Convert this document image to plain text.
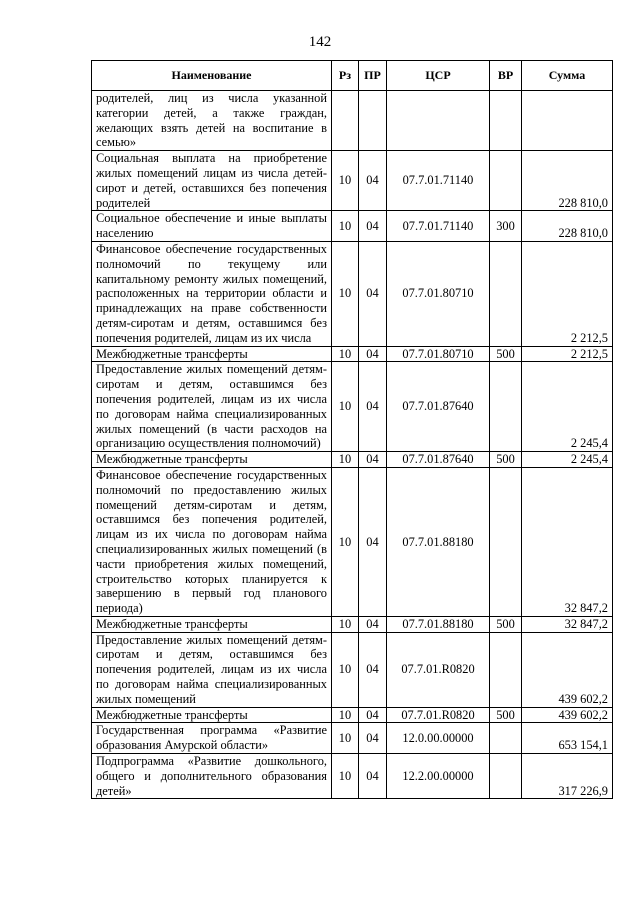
142
Наименование	Рз	ПР	ЦСР	ВР	Сумма
родителей, лиц из числа указанной категории детей, а также граждан, желающих взять детей на воспитание в семью»					
Социальная выплата на приобретение жилых помещений лицам из числа детей-сирот и детей, оставшихся без попечения родителей	10	04	07.7.01.71140		228 810,0
Социальное обеспечение и иные выплаты населению	10	04	07.7.01.71140	300	228 810,0
Финансовое обеспечение государственных полномочий по текущему или капитальному ремонту жилых помещений, расположенных на территории области и принадлежащих на праве собственности детям-сиротам и детям, оставшимся без попечения родителей, лицам из их числа	10	04	07.7.01.80710		2 212,5
Межбюджетные трансферты	10	04	07.7.01.80710	500	2 212,5
Предоставление жилых помещений детям-сиротам и детям, оставшимся без попечения родителей, лицам из их числа по договорам найма специализированных жилых помещений (в части расходов на организацию осуществления полномочий)	10	04	07.7.01.87640		2 245,4
Межбюджетные трансферты	10	04	07.7.01.87640	500	2 245,4
Финансовое обеспечение государственных полномочий по предоставлению жилых помещений детям-сиротам и детям, оставшимся без попечения родителей, лицам из их числа по договорам найма специализированных жилых помещений (в части приобретения жилых помещений, строительство которых планируется к завершению в первый год планового периода)	10	04	07.7.01.88180		32 847,2
Межбюджетные трансферты	10	04	07.7.01.88180	500	32 847,2
Предоставление жилых помещений детям-сиротам и детям, оставшимся без попечения родителей, лицам из их числа по договорам найма специализированных жилых помещений	10	04	07.7.01.R0820		439 602,2
Межбюджетные трансферты	10	04	07.7.01.R0820	500	439 602,2
Государственная программа «Развитие образования Амурской области»	10	04	12.0.00.00000		653 154,1
Подпрограмма «Развитие дошкольного, общего и дополнительного образования детей»	10	04	12.2.00.00000		317 226,9
